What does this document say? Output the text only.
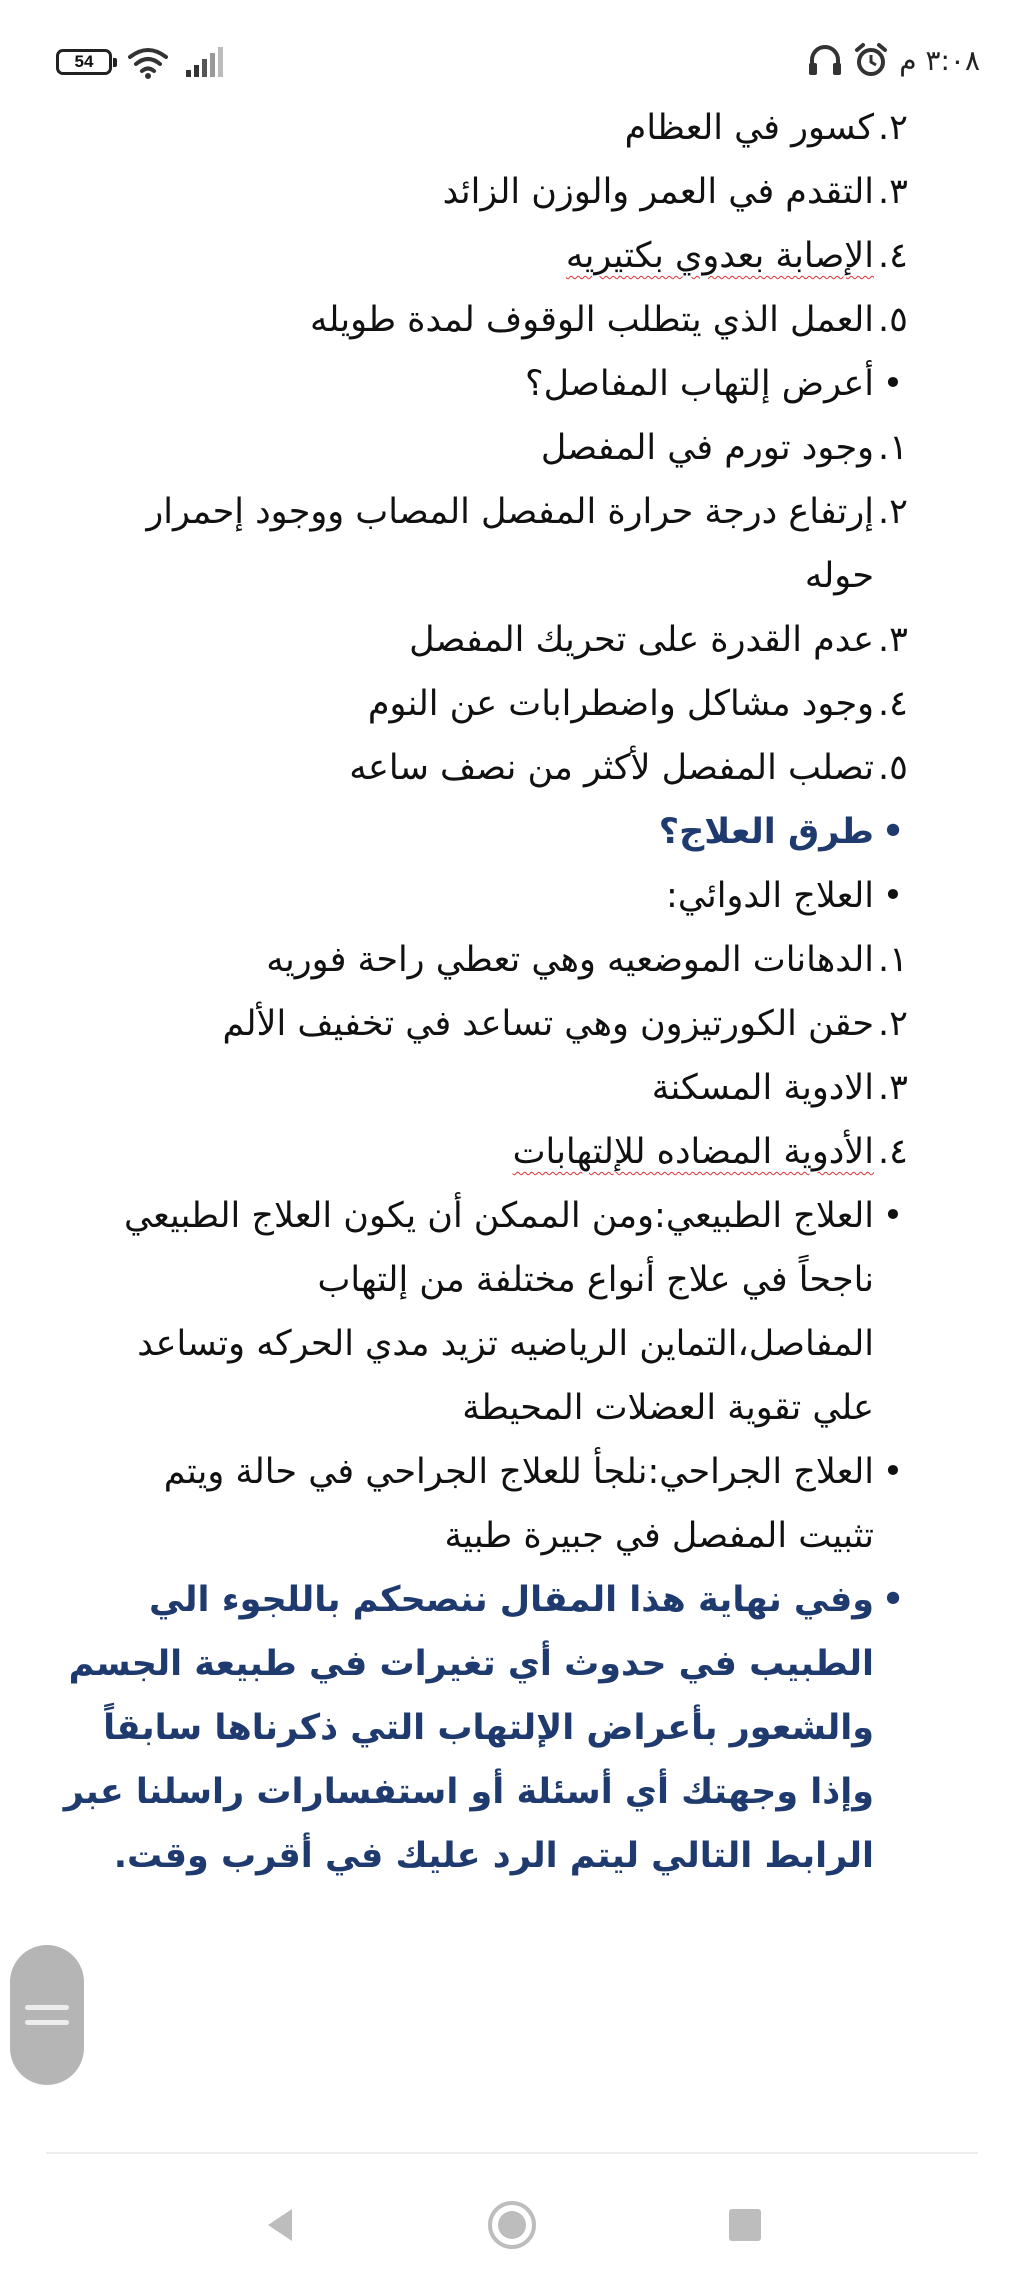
54	٣:٠٨ م
٢.
كسور في العظام
٣.
التقدم في العمر والوزن الزائد
٤.
الإصابة بعدوي بكتيريه
٥.
العمل الذي يتطلب الوقوف لمدة طويله
•
أعرض إلتهاب المفاصل؟
١.
وجود تورم في المفصل
٢.
إرتفاع درجة حرارة المفصل المصاب ووجود إحمرار حوله
٣.
عدم القدرة على تحريك المفصل
٤.
وجود مشاكل واضطرابات عن النوم
٥.
تصلب المفصل لأكثر من نصف ساعه
•
طرق العلاج؟
•
العلاج الدوائي:
١.
الدهانات الموضعيه وهي تعطي راحة فوريه
٢.
حقن الكورتيزون وهي تساعد في تخفيف الألم
٣.
الادوية المسكنة
٤.
الأدوية المضاده للإلتهابات
•
العلاج الطبيعي:ومن الممكن أن يكون العلاج الطبيعي ناجحاً في علاج أنواع مختلفة من إلتهاب المفاصل،التماين الرياضيه تزيد مدي الحركه وتساعد علي تقوية العضلات المحيطة
•
العلاج الجراحي:نلجأ للعلاج الجراحي في حالة ويتم تثبيت المفصل في جبيرة طبية
•
وفي نهاية هذا المقال ننصحكم باللجوء الي الطبيب في حدوث أي تغيرات في طبيعة الجسم والشعور بأعراض الإلتهاب التي ذكرناها سابقاً وإذا وجهتك أي أسئلة أو استفسارات راسلنا عبر الرابط التالي ليتم الرد عليك في أقرب وقت.
